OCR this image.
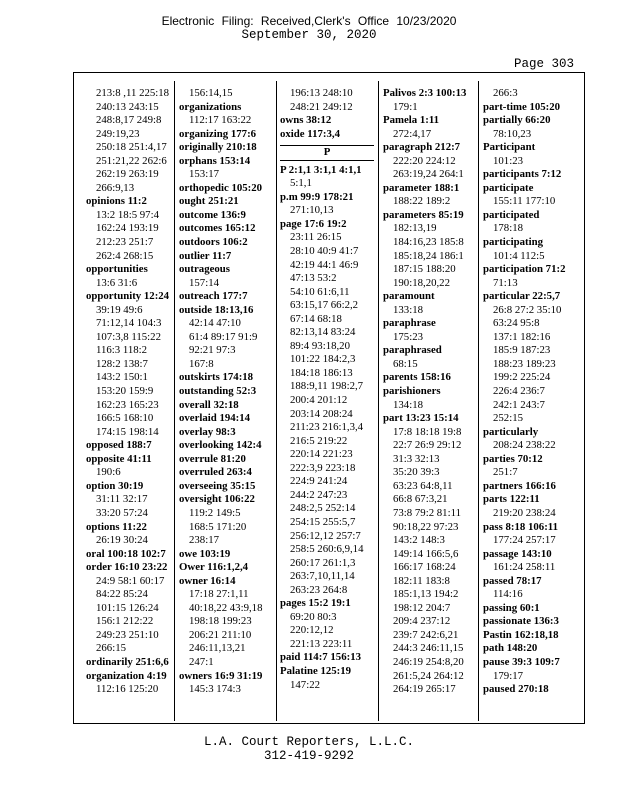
Electronic Filing: Received,Clerk's Office 10/23/2020
September 30, 2020
Page 303
213:8 ,11 225:18
240:13 243:15
248:8,17 249:8
249:19,23
250:18 251:4,17
251:21,22 262:6
262:19 263:19
266:9,13
opinions 11:2
13:2 18:5 97:4
162:24 193:19
212:23 251:7
262:4 268:15
opportunities
13:6 31:6
opportunity 12:24
39:19 49:6
71:12,14 104:3
107:3,8 115:22
116:3 118:2
128:2 138:7
143:2 150:1
153:20 159:9
162:23 165:23
166:5 168:10
174:15 198:14
opposed 188:7
opposite 41:11
190:6
option 30:19
31:11 32:17
33:20 57:24
options 11:22
26:19 30:24
oral 100:18 102:7
order 16:10 23:22
24:9 58:1 60:17
84:22 85:24
101:15 126:24
156:1 212:22
249:23 251:10
266:15
ordinarily 251:6,6
organization 4:19
112:16 125:20
156:14,15
organizations
112:17 163:22
organizing 177:6
originally 210:18
orphans 153:14
153:17
orthopedic 105:20
ought 251:21
outcome 136:9
outcomes 165:12
outdoors 106:2
outlier 11:7
outrageous
157:14
outreach 177:7
outside 18:13,16
42:14 47:10
61:4 89:17 91:9
92:21 97:3
167:8
outskirts 174:18
outstanding 52:3
overall 32:18
overlaid 194:14
overlay 98:3
overlooking 142:4
overrule 81:20
overruled 263:4
overseeing 35:15
oversight 106:22
119:2 149:5
168:5 171:20
238:17
owe 103:19
Ower 116:1,2,4
owner 16:14
17:18 27:1,11
40:18,22 43:9,18
198:18 199:23
206:21 211:10
246:11,13,21
247:1
owners 16:9 31:19
145:3 174:3
196:13 248:10
248:21 249:12
owns 38:12
oxide 117:3,4
P
P 2:1,1 3:1,1 4:1,1
5:1,1
p.m 99:9 178:21
271:10,13
page 17:6 19:2
23:11 26:15
28:10 40:9 41:7
42:19 44:1 46:9
47:13 53:2
54:10 61:6,11
63:15,17 66:2,2
67:14 68:18
82:13,14 83:24
89:4 93:18,20
101:22 184:2,3
184:18 186:13
188:9,11 198:2,7
200:4 201:12
203:14 208:24
211:23 216:1,3,4
216:5 219:22
220:14 221:23
222:3,9 223:18
224:9 241:24
244:2 247:23
248:2,5 252:14
254:15 255:5,7
256:12,12 257:7
258:5 260:6,9,14
260:17 261:1,3
263:7,10,11,14
263:23 264:8
pages 15:2 19:1
69:20 80:3
220:12,12
221:13 223:11
paid 114:7 156:13
Palatine 125:19
147:22
Palivos 2:3 100:13
179:1
Pamela 1:11
272:4,17
paragraph 212:7
222:20 224:12
263:19,24 264:1
parameter 188:1
188:22 189:2
parameters 85:19
182:13,19
184:16,23 185:8
185:18,24 186:1
187:15 188:20
190:18,20,22
paramount
133:18
paraphrase
175:23
paraphrased
68:15
parents 158:16
parishioners
134:18
part 13:23 15:14
17:8 18:18 19:8
22:7 26:9 29:12
31:3 32:13
35:20 39:3
63:23 64:8,11
66:8 67:3,21
73:8 79:2 81:11
90:18,22 97:23
143:2 148:3
149:14 166:5,6
166:17 168:24
182:11 183:8
185:1,13 194:2
198:12 204:7
209:4 237:12
239:7 242:6,21
244:3 246:11,15
246:19 254:8,20
261:5,24 264:12
264:19 265:17
266:3
part-time 105:20
partially 66:20
78:10,23
Participant
101:23
participants 7:12
participate
155:11 177:10
participated
178:18
participating
101:4 112:5
participation 71:2
71:13
particular 22:5,7
26:8 27:2 35:10
63:24 95:8
137:1 182:16
185:9 187:23
188:23 189:23
199:2 225:24
226:4 236:7
242:1 243:7
252:15
particularly
208:24 238:22
parties 70:12
251:7
partners 166:16
parts 122:11
219:20 238:24
pass 8:18 106:11
177:24 257:17
passage 143:10
161:24 258:11
passed 78:17
114:16
passing 60:1
passionate 136:3
Pastin 162:18,18
path 148:20
pause 39:3 109:7
179:17
paused 270:18
L.A. Court Reporters, L.L.C.
312-419-9292
